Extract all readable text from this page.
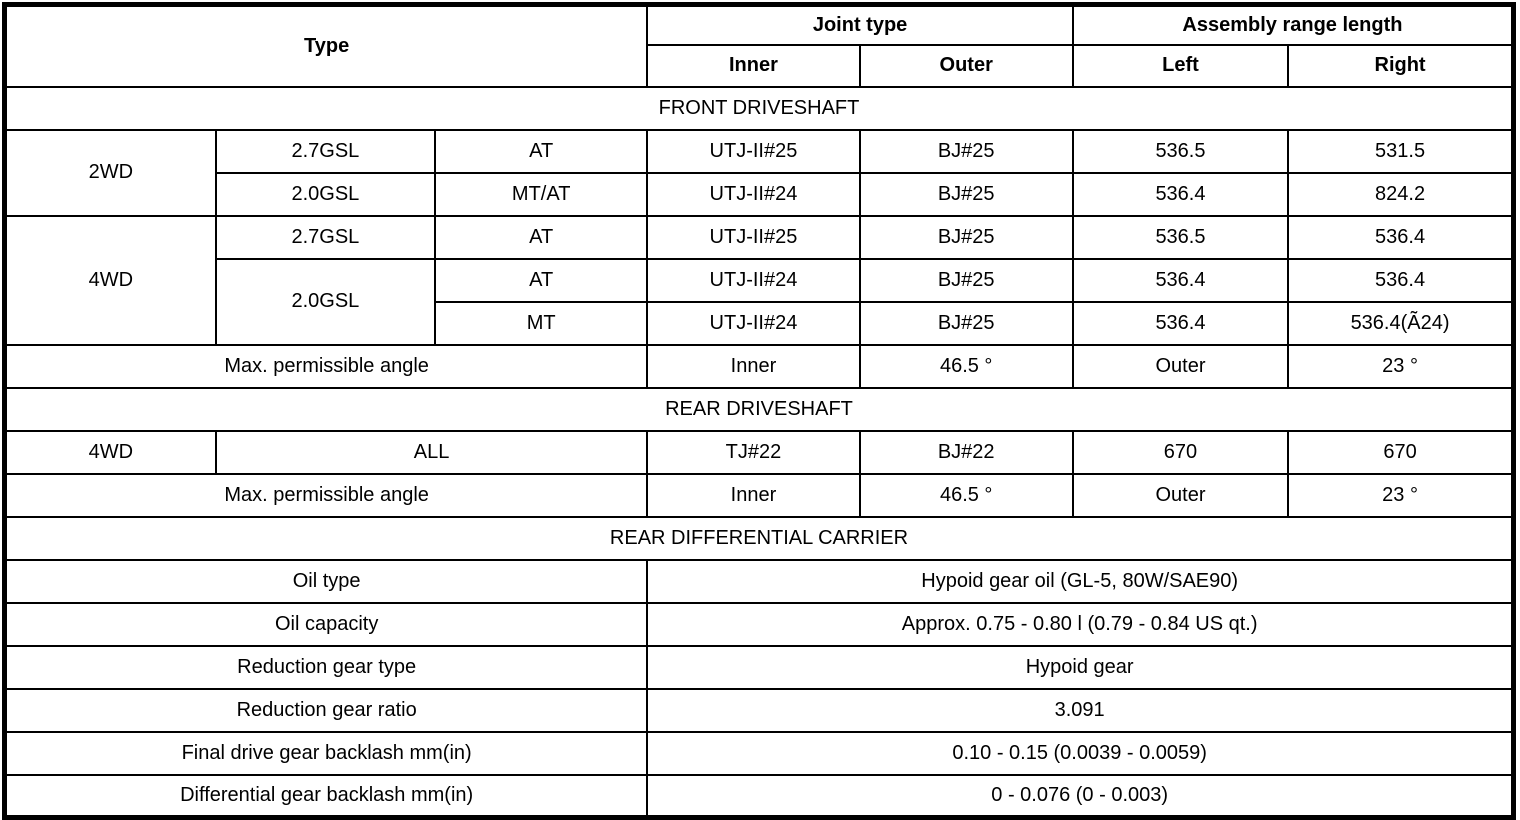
Type			Joint type		Assembly range length	
			Inner	Outer	Left	Right
FRONT DRIVESHAFT						
2WD	2.7GSL	AT	UTJ-II#25	BJ#25	536.5	531.5
	2.0GSL	MT/AT	UTJ-II#24	BJ#25	536.4	824.2
4WD	2.7GSL	AT	UTJ-II#25	BJ#25	536.5	536.4
	2.0GSL	AT	UTJ-II#24	BJ#25	536.4	536.4
		MT	UTJ-II#24	BJ#25	536.4	536.4(Ã24)
Max. permissible angle			Inner	46.5 °	Outer	23 °
REAR DRIVESHAFT						
4WD	ALL		TJ#22	BJ#22	670	670
Max. permissible angle			Inner	46.5 °	Outer	23 °
REAR DIFFERENTIAL CARRIER						
Oil type			Hypoid gear oil (GL-5, 80W/SAE90)			
Oil capacity			Approx. 0.75 - 0.80 l (0.79 - 0.84 US qt.)			
Reduction gear type			Hypoid gear			
Reduction gear ratio			3.091			
Final drive gear backlash mm(in)			0.10 - 0.15 (0.0039 - 0.0059)			
Differential gear backlash mm(in)			0 - 0.076 (0 - 0.003)			
